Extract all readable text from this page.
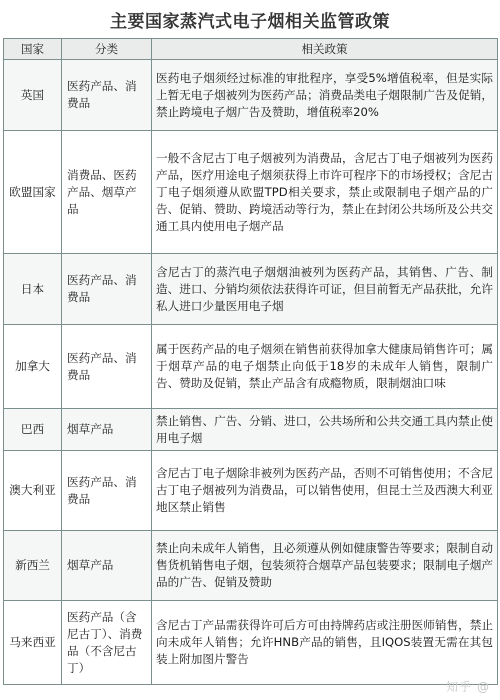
主要国家蒸汽式电子烟相关监管政策
国家	分类	相关政策
英国	医药产品、消费品	医药电子烟须经过标准的审批程序，享受5%增值税率，但是实际上暂无电子烟被列为医药产品；消费品类电子烟限制广告及促销，禁止跨境电子烟广告及赞助，增值税率20%
欧盟国家	消费品、医药产品、烟草产品	一般不含尼古丁电子烟被列为消费品，含尼古丁电子烟被列为医药产品，医疗用途电子烟须获得上市许可程序下的市场授权；含尼古丁电子烟须遵从欧盟TPD相关要求，禁止或限制电子烟产品的广告、促销、赞助、跨境活动等行为，禁止在封闭公共场所及公共交通工具内使用电子烟产品
日本	医药产品、消费品	含尼古丁的蒸汽电子烟烟油被列为医药产品，其销售、广告、制造、进口、分销均须依法获得许可证，但目前暂无产品获批，允许私人进口少量医用电子烟
加拿大	医药产品、消费品	属于医药产品的电子烟须在销售前获得加拿大健康局销售许可；属于烟草产品的电子烟禁止向低于18岁的未成年人销售，限制广告、赞助及促销，禁止产品含有成瘾物质，限制烟油口味
巴西	烟草产品	禁止销售、广告、分销、进口，公共场所和公共交通工具内禁止使用电子烟
澳大利亚	医药产品、消费品	含尼古丁电子烟除非被列为医药产品，否则不可销售使用；不含尼古丁电子烟被列为消费品，可以销售使用，但昆士兰及西澳大利亚地区禁止销售
新西兰	烟草产品	禁止向未成年人销售，且必须遵从例如健康警告等要求；限制自动售货机销售电子烟，包装须符合烟草产品包装要求；限制电子烟产品的广告、促销及赞助
马来西亚	医药产品（含尼古丁）、消费品（不含尼古丁）	含尼古丁产品需获得许可后方可由持牌药店或注册医师销售，禁止向未成年人销售；允许HNB产品的销售，且IQOS装置无需在其包装上附加图片警告
知乎 @
